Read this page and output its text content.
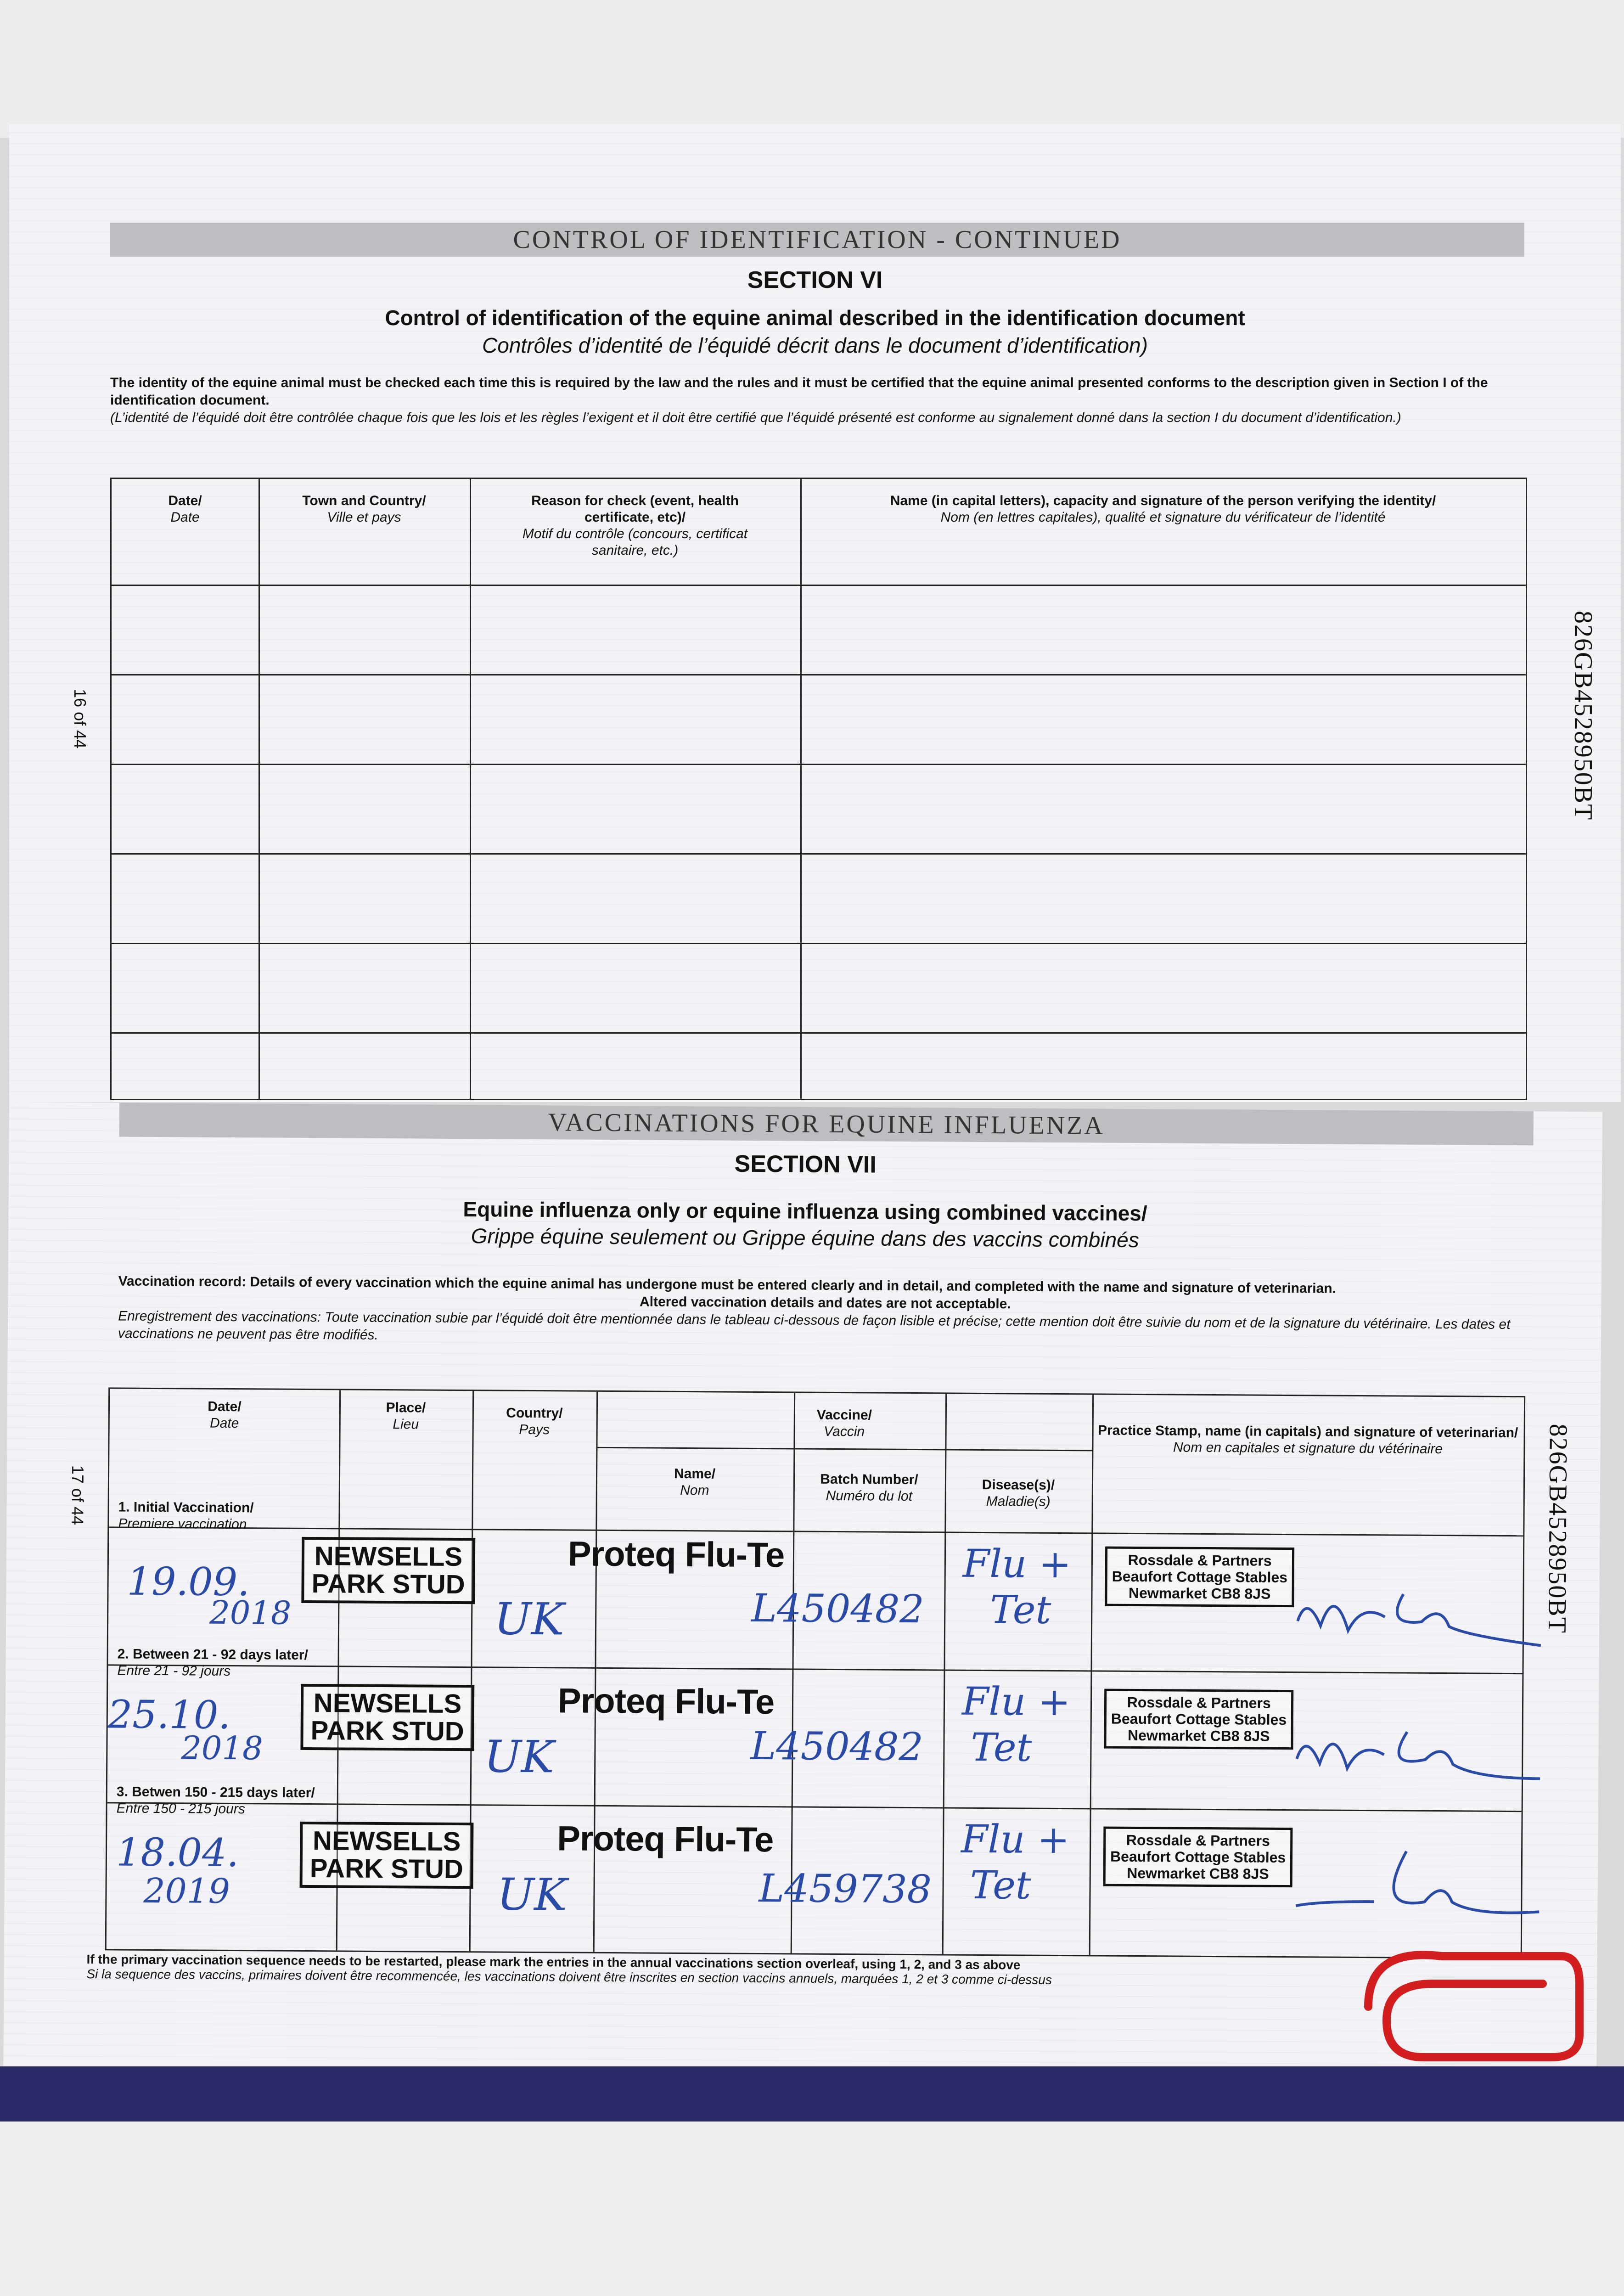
CONTROL OF IDENTIFICATION - CONTINUED
SECTION VI
Control of identification of the equine animal described in the identification document
Contrôles d’identité de l’équidé décrit dans le document d’identification)
The identity of the equine animal must be checked each time this is required by the law and the rules and it must be certified that the equine animal presented conforms to the description given in Section I of the identification document.
(L’identité de l’équidé doit être contrôlée chaque fois que les lois et les règles l’exigent et il doit être certifié que l’équidé présenté est conforme au signalement donné dans la section I du document d’identification.)
Date/
Date
Town and Country/
Ville et pays
Reason for check (event, health certificate, etc)/
Motif du contrôle (concours, certificat sanitaire, etc.)
Name (in capital letters), capacity and signature of the person verifying the identity/
Nom (en lettres capitales), qualité et signature du vérificateur de l’identité
16 of 44	826GB4528950BT
VACCINATIONS FOR EQUINE INFLUENZA
SECTION VII
Equine influenza only or equine influenza using combined vaccines/
Grippe équine seulement ou Grippe équine dans des vaccins combinés
Vaccination record: Details of every vaccination which the equine animal has undergone must be entered clearly and in detail, and completed with the name and signature of veterinarian.

Altered vaccination details and dates are not acceptable.
Enregistrement des vaccinations: Toute vaccination subie par l’équidé doit être mentionnée dans le tableau ci-dessous de façon lisible et précise; cette mention doit être suivie du nom et de la signature du vétérinaire. Les dates et vaccinations ne peuvent pas être modifiés.
Date/
Date
Place/
Lieu
Country/
Pays
Vaccine/
Vaccin
Name/
Nom
Batch Number/
Numéro du lot
Disease(s)/
Maladie(s)
Practice Stamp, name (in capitals) and signature of veterinarian/
Nom en capitales et signature du vétérinaire
1. Initial Vaccination/
Premiere vaccination
19.09.
2018
NEWSELLS
PARK STUD
UK
Proteq Flu-Te
L450482
Flu +
Tet
Rossdale & Partners
Beaufort Cottage Stables
Newmarket CB8 8JS
2. Between 21 - 92 days later/
Entre 21 - 92 jours
25.10.
2018
NEWSELLS
PARK STUD UK
Proteq Flu-Te
L450482
Flu +
Tet
Rossdale & Partners
Beaufort Cottage Stables
Newmarket CB8 8JS
3. Betwen 150 - 215 days later/
Entre 150 - 215 jours
18.04.
2019
NEWSELLS
PARK STUD UK
Proteq Flu-Te
L459738
Flu +
Tet
Rossdale & Partners
Beaufort Cottage Stables
Newmarket CB8 8JS
If the primary vaccination sequence needs to be restarted, please mark the entries in the annual vaccinations section overleaf, using 1, 2, and 3 as above
Si la sequence des vaccins, primaires doivent être recommencée, les vaccinations doivent être inscrites en section vaccins annuels, marquées 1, 2 et 3 comme ci-dessus
17 of 44	826GB4528950BT
